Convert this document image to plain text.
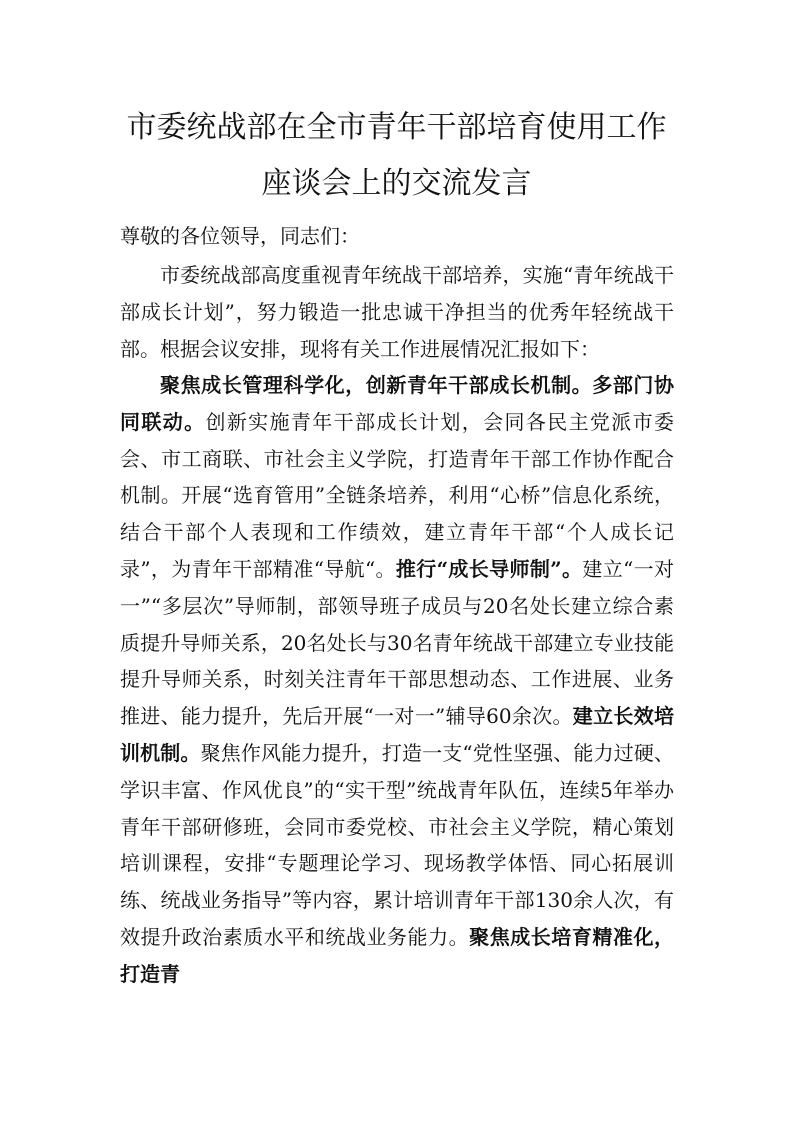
市委统战部在全市青年干部培育使用工作
座谈会上的交流发言
尊敬的各位领导，同志们：

市委统战部高度重视青年统战干部培养，实施“青年统战干部成长计划”，努力锻造一批忠诚干净担当的优秀年轻统战干部。根据会议安排，现将有关工作进展情况汇报如下：

聚焦成长管理科学化，创新青年干部成长机制。多部门协同联动。创新实施青年干部成长计划，会同各民主党派市委会、市工商联、市社会主义学院，打造青年干部工作协作配合机制。开展“选育管用”全链条培养，利用“心桥”信息化系统，结合干部个人表现和工作绩效，建立青年干部“个人成长记录”，为青年干部精准“导航“。推行“成长导师制”。建立“一对一”“多层次”导师制，部领导班子成员与20名处长建立综合素质提升导师关系，20名处长与30名青年统战干部建立专业技能提升导师关系，时刻关注青年干部思想动态、工作进展、业务推进、能力提升，先后开展“一对一”辅导60余次。建立长效培训机制。聚焦作风能力提升，打造一支“党性坚强、能力过硬、学识丰富、作风优良”的“实干型”统战青年队伍，连续5年举办青年干部研修班，会同市委党校、市社会主义学院，精心策划培训课程，安排“专题理论学习、现场教学体悟、同心拓展训练、统战业务指导”等内容，累计培训青年干部130余人次，有效提升政治素质水平和统战业务能力。聚焦成长培育精准化，打造青
